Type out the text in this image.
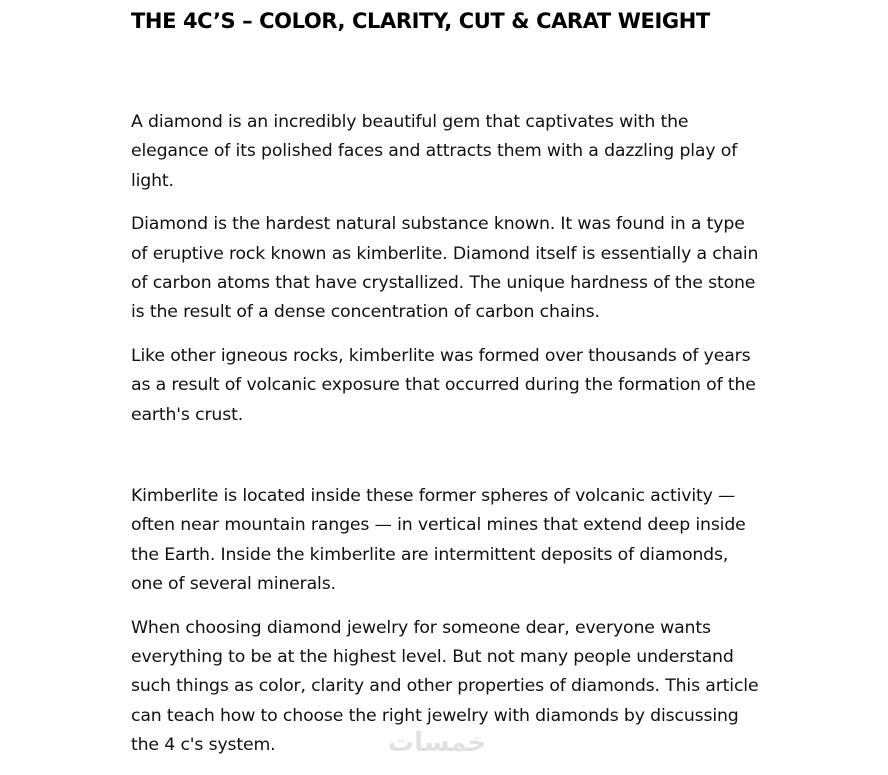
THE 4C’S – COLOR, CLARITY, CUT & CARAT WEIGHT

A diamond is an incredibly beautiful gem that captivates with the elegance of its polished faces and attracts them with a dazzling play of light.

Diamond is the hardest natural substance known. It was found in a type of eruptive rock known as kimberlite. Diamond itself is essentially a chain of carbon atoms that have crystallized. The unique hardness of the stone is the result of a dense concentration of carbon chains.

Like other igneous rocks, kimberlite was formed over thousands of years as a result of volcanic exposure that occurred during the formation of the earth's crust.

Kimberlite is located inside these former spheres of volcanic activity — often near mountain ranges — in vertical mines that extend deep inside the Earth. Inside the kimberlite are intermittent deposits of diamonds, one of several minerals.

When choosing diamond jewelry for someone dear, everyone wants everything to be at the highest level. But not many people understand such things as color, clarity and other properties of diamonds. This article can teach how to choose the right jewelry with diamonds by discussing the 4 c's system.	خمسات
